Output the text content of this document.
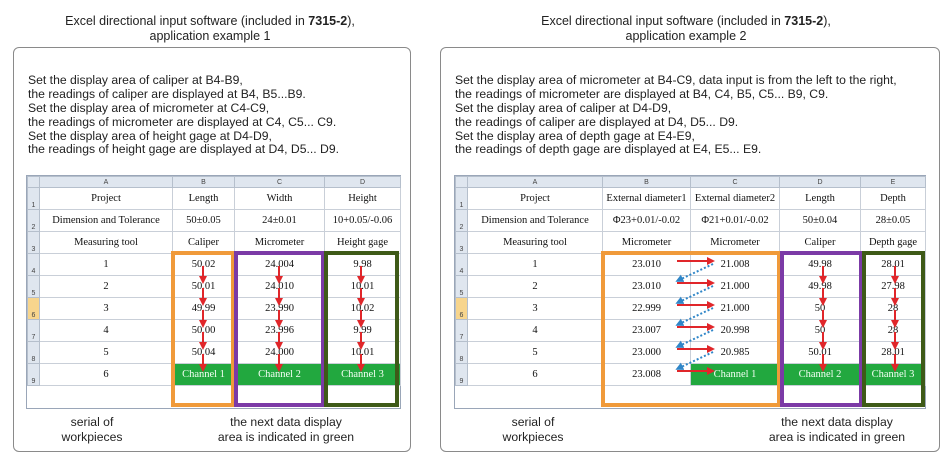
Excel directional input software (included in 7315-2),
application example 1
Set the display area of caliper at B4-B9,
the readings of caliper are displayed at B4, B5...B9.
Set the display area of micrometer at C4-C9,
the readings of micrometer are displayed at C4, C5... C9.
Set the display area of height gage at D4-D9,
the readings of height gage are displayed at D4, D5... D9.
	A	B	C	D
1	Project	Length	Width	Height
2	Dimension and Tolerance	50±0.05	24±0.01	10+0.05/-0.06
3	Measuring tool	Caliper	Micrometer	Height gage
4	1	50.02	24.004	9.98
5	2	50.01	24.010	10.01
6	3	49.99	23.990	10.02
7	4	50.00	23.996	9.99
8	5	50.04	24.000	10.01
9	6	Channel 1	Channel 2	Channel 3
serial of
workpieces
the next data display
area is indicated in green
Excel directional input software (included in 7315-2),
application example 2
Set the display area of micrometer at B4-C9, data input is from the left to the right,
the readings of micrometer are displayed at B4, C4, B5, C5... B9, C9.
Set the display area of caliper at D4-D9,
the readings of caliper are displayed at D4, D5... D9.
Set the display area of depth gage at E4-E9,
the readings of depth gage are displayed at E4, E5... E9.
	A	B	C	D	E
1	Project	External diameter1	External diameter2	Length	Depth
2	Dimension and Tolerance	Φ23+0.01/-0.02	Φ21+0.01/-0.02	50±0.04	28±0.05
3	Measuring tool	Micrometer	Micrometer	Caliper	Depth gage
4	1	23.010	21.008	49.98	28.01
5	2	23.010	21.000	49.98	27.98
6	3	22.999	21.000	50	28
7	4	23.007	20.998	50	28
8	5	23.000	20.985	50.01	28.01
9	6	23.008	Channel 1	Channel 2	Channel 3
serial of
workpieces
the next data display
area is indicated in green
